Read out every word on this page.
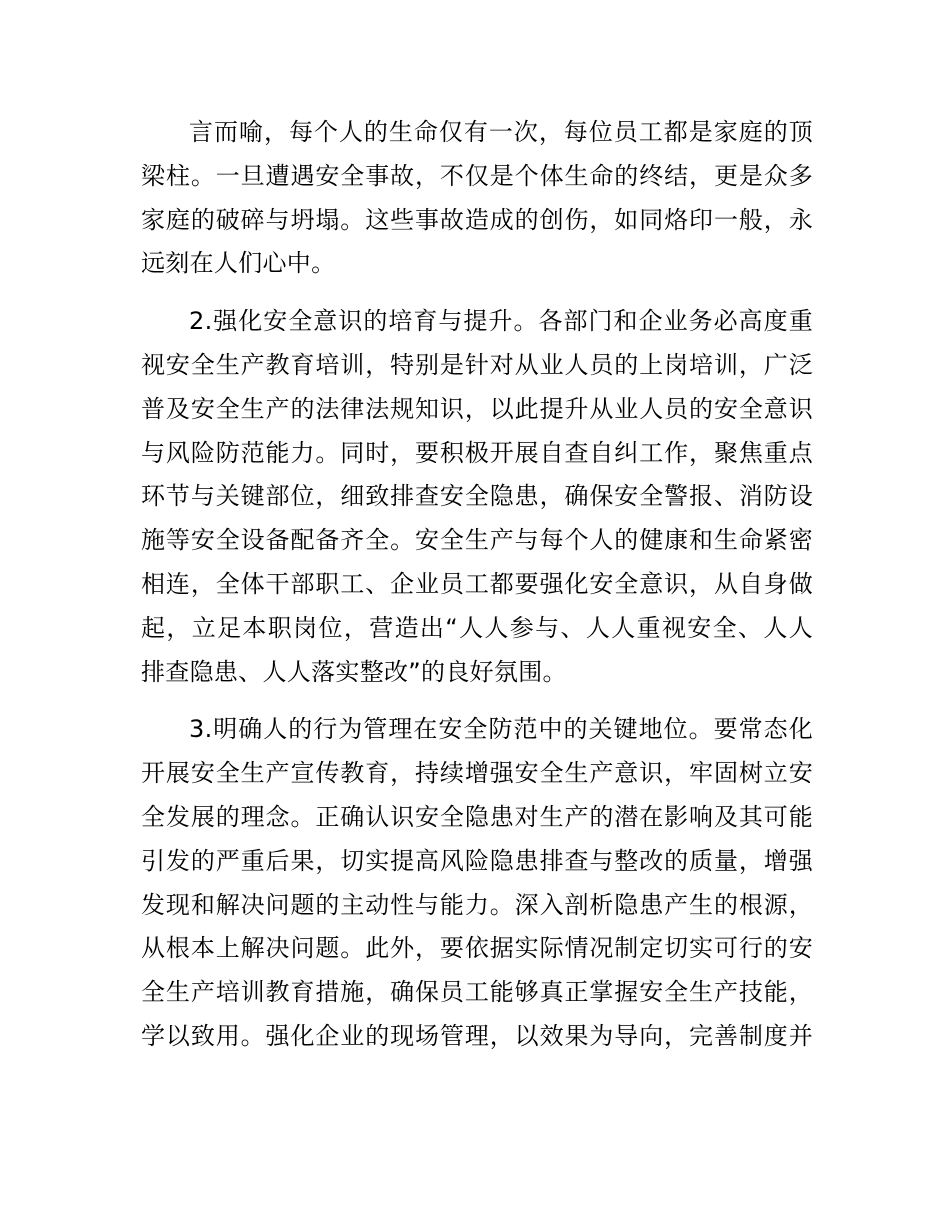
言而喻，每个人的生命仅有一次，每位员工都是家庭的顶
梁柱。一旦遭遇安全事故，不仅是个体生命的终结，更是众多
家庭的破碎与坍塌。这些事故造成的创伤，如同烙印一般，永
远刻在人们心中。
2.强化安全意识的培育与提升。各部门和企业务必高度重
视安全生产教育培训，特别是针对从业人员的上岗培训，广泛
普及安全生产的法律法规知识，以此提升从业人员的安全意识
与风险防范能力。同时，要积极开展自查自纠工作，聚焦重点
环节与关键部位，细致排查安全隐患，确保安全警报、消防设
施等安全设备配备齐全。安全生产与每个人的健康和生命紧密
相连，全体干部职工、企业员工都要强化安全意识，从自身做
起，立足本职岗位，营造出“人人参与、人人重视安全、人人
排查隐患、人人落实整改”的良好氛围。
3.明确人的行为管理在安全防范中的关键地位。要常态化
开展安全生产宣传教育，持续增强安全生产意识，牢固树立安
全发展的理念。正确认识安全隐患对生产的潜在影响及其可能
引发的严重后果，切实提高风险隐患排查与整改的质量，增强
发现和解决问题的主动性与能力。深入剖析隐患产生的根源，
从根本上解决问题。此外，要依据实际情况制定切实可行的安
全生产培训教育措施，确保员工能够真正掌握安全生产技能，
学以致用。强化企业的现场管理，以效果为导向，完善制度并
